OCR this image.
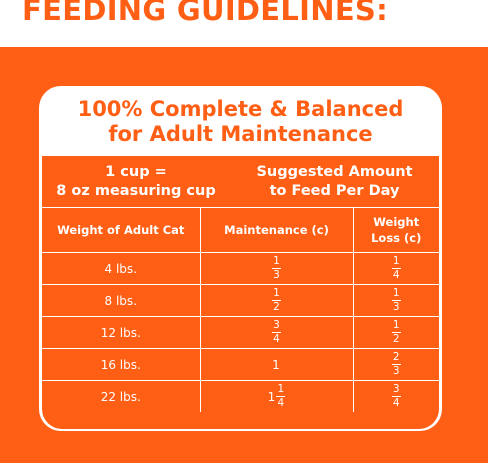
FEEDING GUIDELINES:
100% Complete & Balanced
for Adult Maintenance
1 cup =
8 oz measuring cup
Suggested Amount
to Feed Per Day
Weight of Adult Cat	Maintenance (c)	Weight
Loss (c)

4 lbs.	$\frac{1}{3}$	$\frac{1}{4}$

8 lbs.	$\frac{1}{2}$	$\frac{1}{3}$

12 lbs.	$\frac{3}{4}$	$\frac{1}{2}$

16 lbs.	1	$\frac{2}{3}$

22 lbs.	$1 \frac{1}{4}$	$\frac{3}{4}$
